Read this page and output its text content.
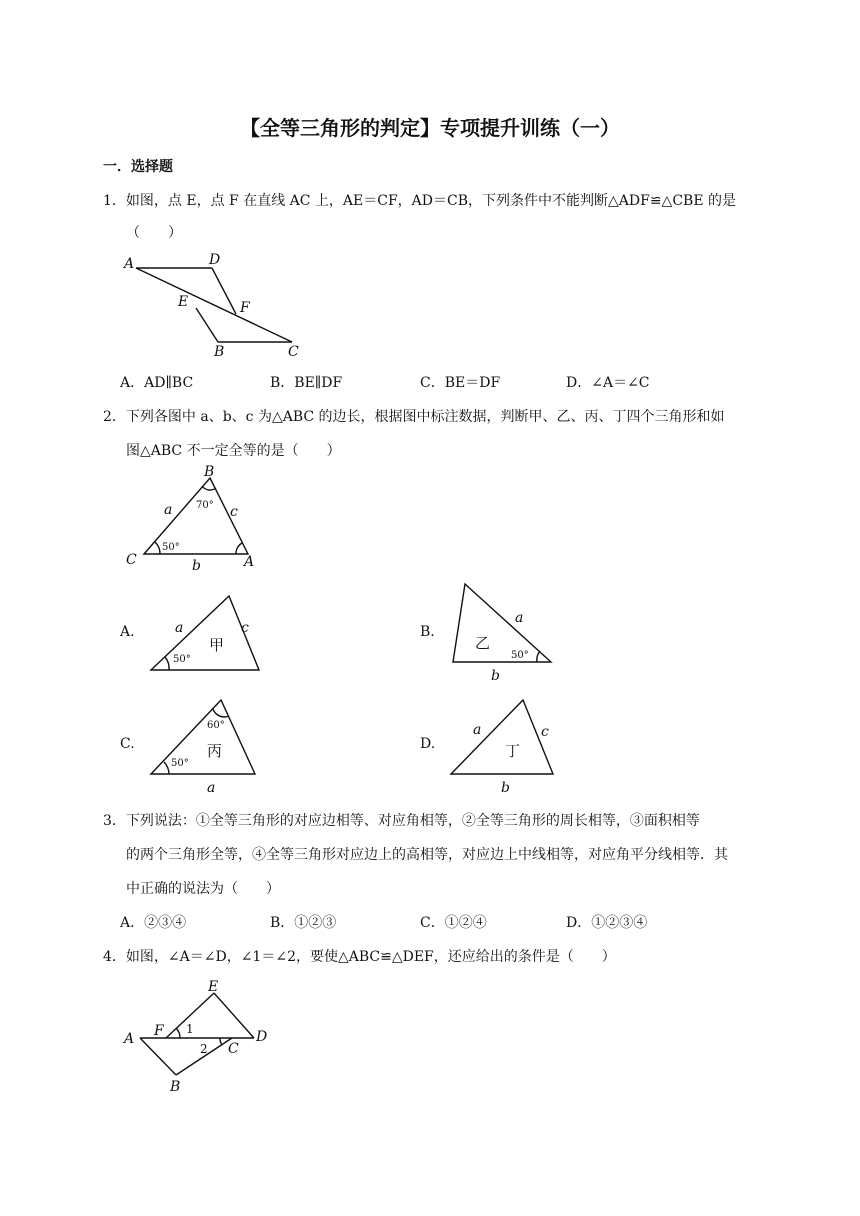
【全等三角形的判定】专项提升训练（一）
一．选择题
1．如图，点 E，点 F 在直线 AC 上，AE＝CF，AD＝CB，下列条件中不能判断△ADF≌△CBE 的是
（　　）
A	D
E	F
B	C
A．AD∥BC	B．BE∥DF	C．BE＝DF	D．∠A＝∠C
2．下列各图中 a、b、c 为△ABC 的边长，根据图中标注数据，判断甲、乙、丙、丁四个三角形和如
图△ABC 不一定全等的是（　　）
B
C	A
a
b
c
70°
50°
A.	a	c
50°
甲
B.
a
b
50°
乙
C.
a
60°
50°
丙	D.
a
b
c
丁
3．下列说法：①全等三角形的对应边相等、对应角相等，②全等三角形的周长相等，③面积相等
的两个三角形全等，④全等三角形对应边上的高相等，对应边上中线相等，对应角平分线相等．其
中正确的说法为（　　）
A．②③④	B．①②③	C．①②④	D．①②③④
4．如图，∠A＝∠D，∠1＝∠2，要使△ABC≌△DEF，还应给出的条件是（　　）
A
E
F	D
C
B
1
2
